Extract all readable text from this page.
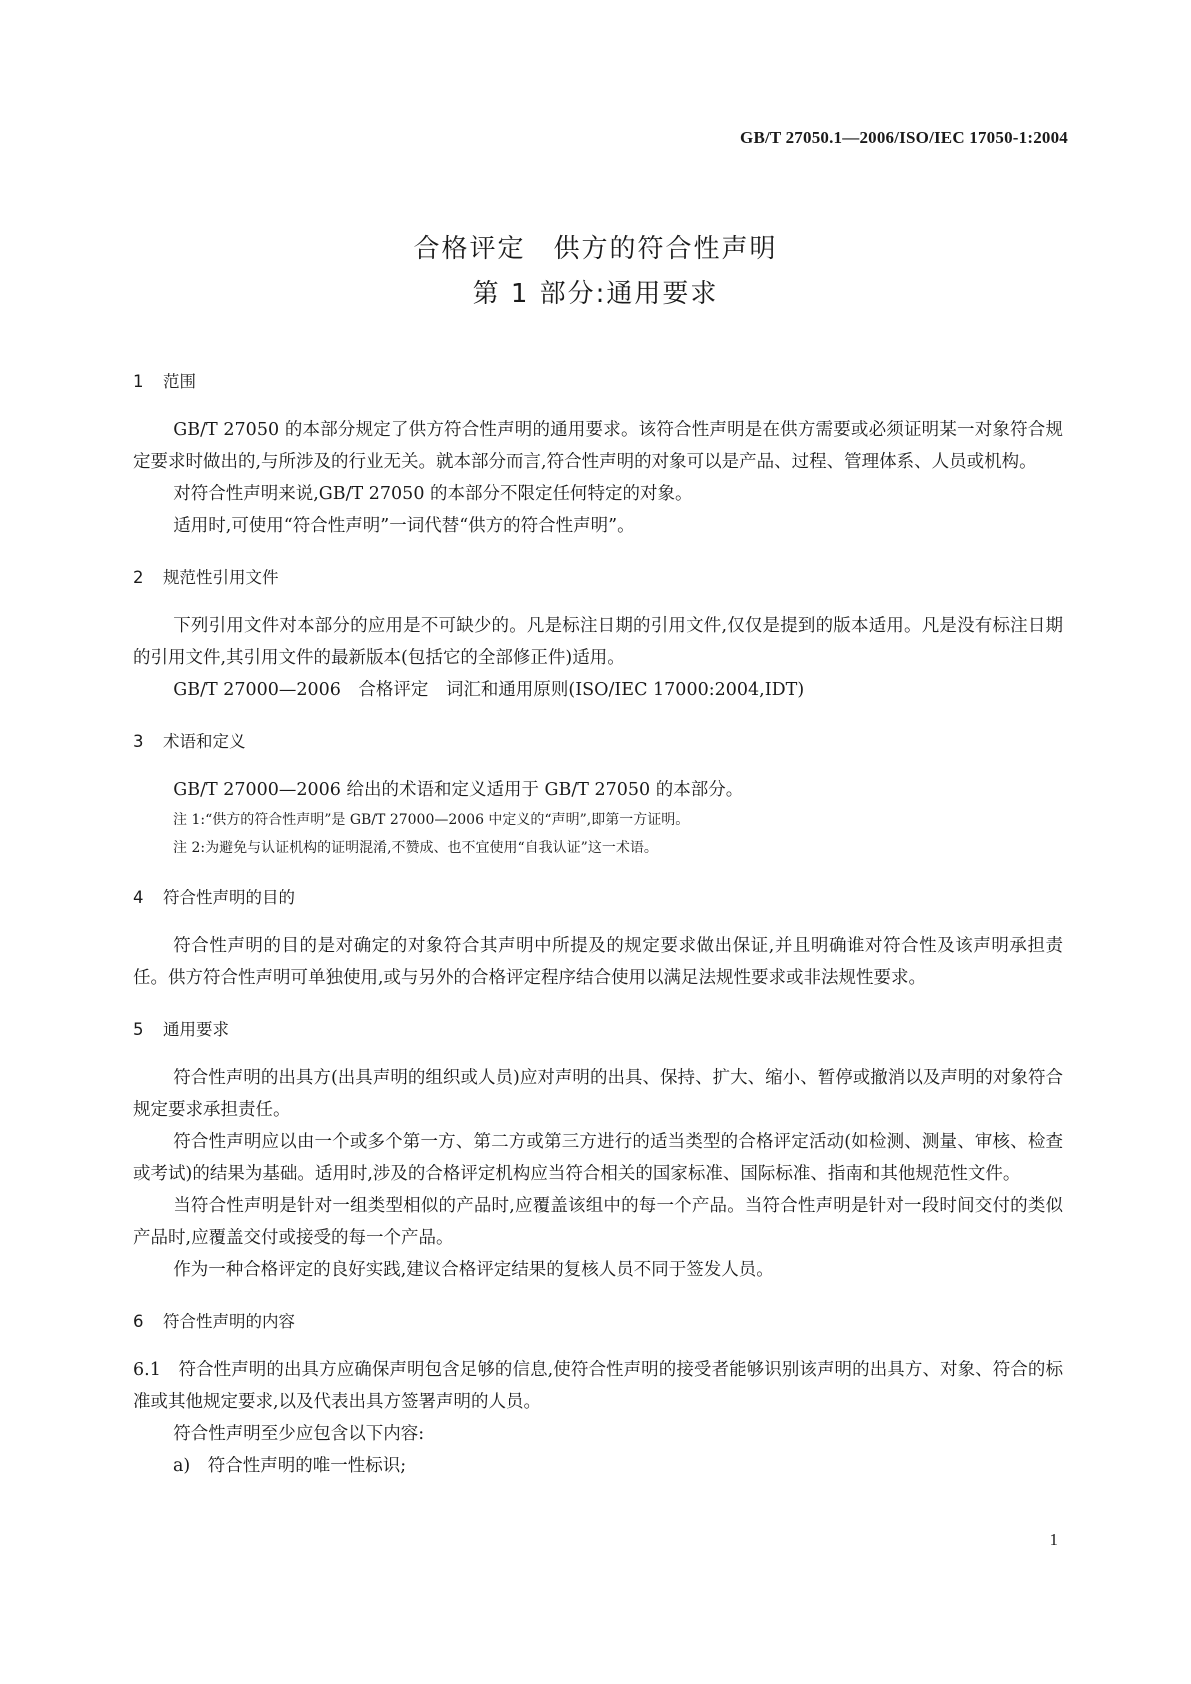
GB/T 27050.1—2006/ISO/IEC 17050-1:2004
合格评定　供方的符合性声明
第 1 部分:通用要求
1 范围

GB/T 27050 的本部分规定了供方符合性声明的通用要求。该符合性声明是在供方需要或必须证明某一对象符合规定要求时做出的,与所涉及的行业无关。就本部分而言,符合性声明的对象可以是产品、过程、管理体系、人员或机构。

对符合性声明来说,GB/T 27050 的本部分不限定任何特定的对象。

适用时,可使用“符合性声明”一词代替“供方的符合性声明”。

2 规范性引用文件

下列引用文件对本部分的应用是不可缺少的。凡是标注日期的引用文件,仅仅是提到的版本适用。凡是没有标注日期的引用文件,其引用文件的最新版本(包括它的全部修正件)适用。

GB/T 27000—2006　合格评定　词汇和通用原则(ISO/IEC 17000:2004,IDT)

3 术语和定义

GB/T 27000—2006 给出的术语和定义适用于 GB/T 27050 的本部分。

注 1:“供方的符合性声明”是 GB/T 27000—2006 中定义的“声明”,即第一方证明。

注 2:为避免与认证机构的证明混淆,不赞成、也不宜使用“自我认证”这一术语。

4 符合性声明的目的

符合性声明的目的是对确定的对象符合其声明中所提及的规定要求做出保证,并且明确谁对符合性及该声明承担责任。供方符合性声明可单独使用,或与另外的合格评定程序结合使用以满足法规性要求或非法规性要求。

5 通用要求

符合性声明的出具方(出具声明的组织或人员)应对声明的出具、保持、扩大、缩小、暂停或撤消以及声明的对象符合规定要求承担责任。

符合性声明应以由一个或多个第一方、第二方或第三方进行的适当类型的合格评定活动(如检测、测量、审核、检查或考试)的结果为基础。适用时,涉及的合格评定机构应当符合相关的国家标准、国际标准、指南和其他规范性文件。

当符合性声明是针对一组类型相似的产品时,应覆盖该组中的每一个产品。当符合性声明是针对一段时间交付的类似产品时,应覆盖交付或接受的每一个产品。

作为一种合格评定的良好实践,建议合格评定结果的复核人员不同于签发人员。

6 符合性声明的内容

6.1　符合性声明的出具方应确保声明包含足够的信息,使符合性声明的接受者能够识别该声明的出具方、对象、符合的标准或其他规定要求,以及代表出具方签署声明的人员。

符合性声明至少应包含以下内容:

a)　符合性声明的唯一性标识;

1
